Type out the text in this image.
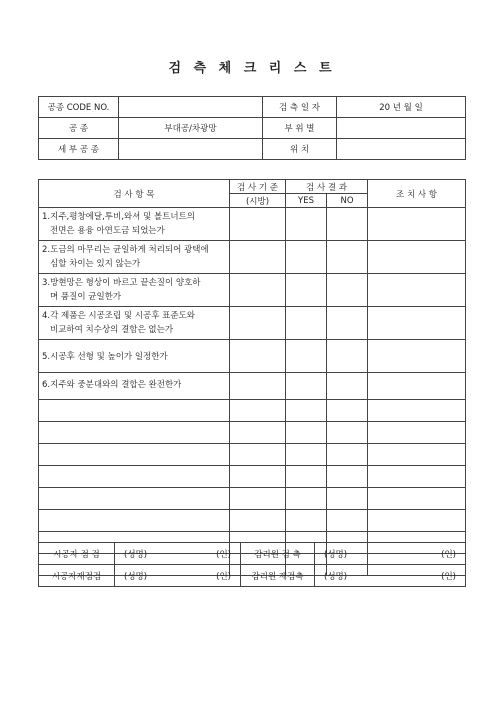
검 측 체 크 리 스 트
공종 CODE NO.		검 측 일 자	20 년 월 일
공 종	부대공/차광망	부 위 별	
세 부 공 종		위 치	
검 사 항 목	검 사 기 준	검 사 결 과		조 치 사 항
	(시방)	YES	NO	

1.지주,평창에달,투비,와셔 및 볼트너트의
전면은 용융 아연도금 되었는가				

2.도금의 마무리는 균일하게 처리되어 광택에
심할 차이는 있지 않는가				

3.방현망은 형상이 바르고 끝손질이 양호하
며 품질이 균일한가				

4.각 제품은 시공조립 및 시공후 표준도와
비교하여 치수상의 결함은 없는가				

5.시공후 선형 및 높이가 일정한가				

6.지주와 중분대와의 결합은 완전한가				

시공자 점 검	(성명) (인)	감리원 검 측	(성명) (인)

시공자재점검	(성명) (인)	감리원 재검측	(성명) (인)
